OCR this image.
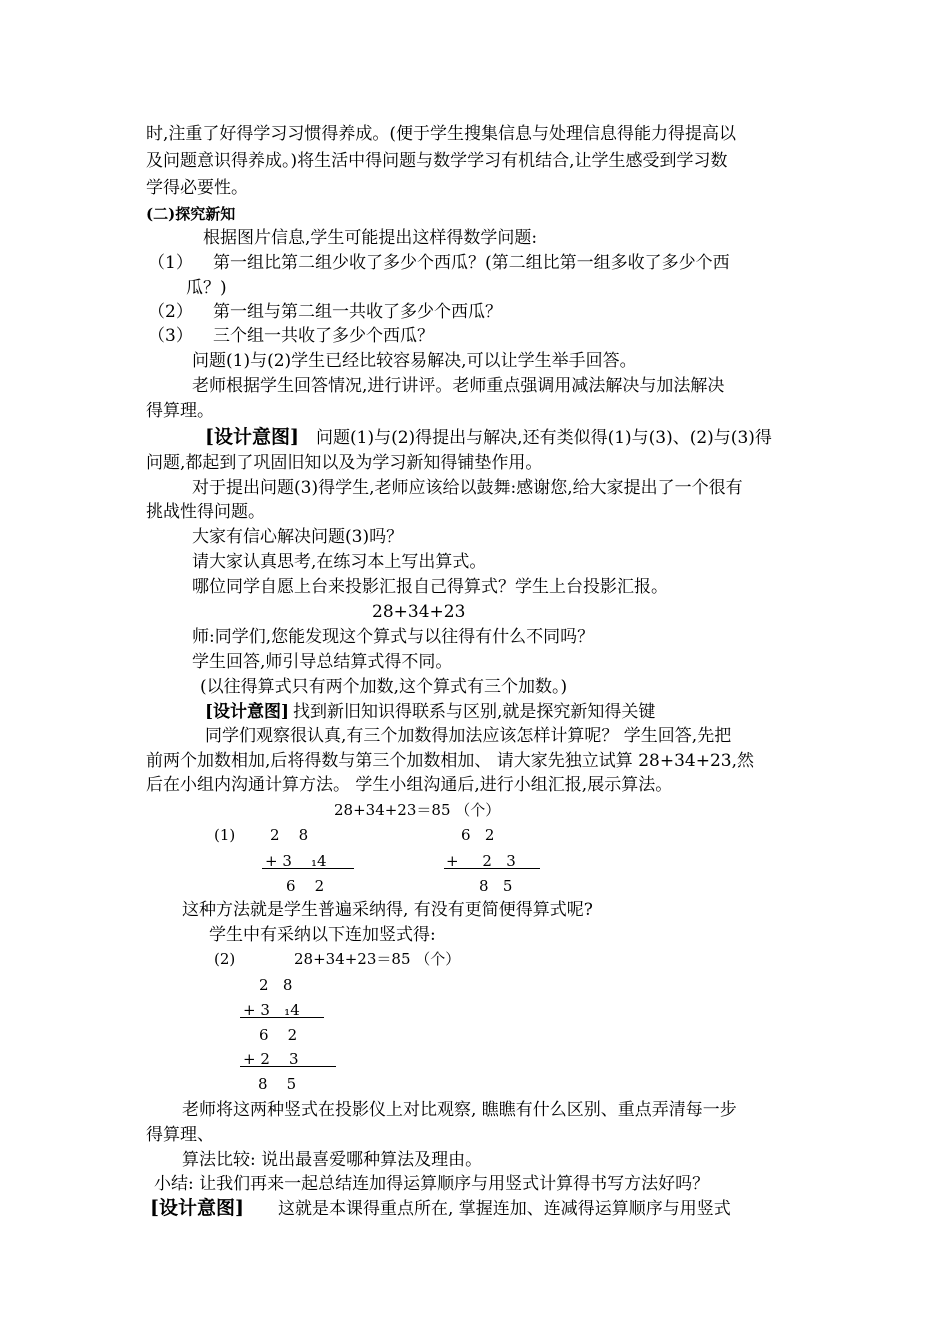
时,注重了好得学习习惯得养成。(便于学生搜集信息与处理信息得能力得提高以
及问题意识得养成。)将生活中得问题与数学学习有机结合,让学生感受到学习数
学得必要性。
(二)探究新知
根据图片信息,学生可能提出这样得数学问题:
（1） 第一组比第二组少收了多少个西瓜？(第二组比第一组多收了多少个西
瓜？)
（2） 第一组与第二组一共收了多少个西瓜？
（3） 三个组一共收了多少个西瓜？
问题(1)与(2)学生已经比较容易解决,可以让学生举手回答。
老师根据学生回答情况,进行讲评。老师重点强调用减法解决与加法解决
得算理。
[设计意图] 问题(1)与(2)得提出与解决,还有类似得(1)与(3)、(2)与(3)得
问题,都起到了巩固旧知以及为学习新知得铺垫作用。
对于提出问题(3)得学生,老师应该给以鼓舞:感谢您,给大家提出了一个很有
挑战性得问题。
大家有信心解决问题(3)吗？
请大家认真思考,在练习本上写出算式。
哪位同学自愿上台来投影汇报自己得算式？学生上台投影汇报。
28+34+23
师:同学们,您能发现这个算式与以往得有什么不同吗？
学生回答,师引导总结算式得不同。
(以往得算式只有两个加数,这个算式有三个加数。)
[设计意图] 找到新旧知识得联系与区别,就是探究新知得关键
同学们观察很认真,有三个加数得加法应该怎样计算呢？ 学生回答,先把
前两个加数相加,后将得数与第三个加数相加、 请大家先独立试算 28+34+23,然
后在小组内沟通计算方法。 学生小组沟通后,进行小组汇报,展示算法。
28+34+23＝85 （个）
(1) 2    8
+ 3    ₁4
6    2
6   2
+     2   3
8   5
这种方法就是学生普遍采纳得, 有没有更简便得算式呢?
学生中有采纳以下连加竖式得:
(2)	28+34+23＝85 （个）
2   8
+ 3   ₁4
6    2
+ 2    3
8    5
老师将这两种竖式在投影仪上对比观察, 瞧瞧有什么区别、重点弄清每一步
得算理、
算法比较: 说出最喜爱哪种算法及理由。
小结: 让我们再来一起总结连加得运算顺序与用竖式计算得书写方法好吗？
[设计意图] 这就是本课得重点所在, 掌握连加、连减得运算顺序与用竖式
